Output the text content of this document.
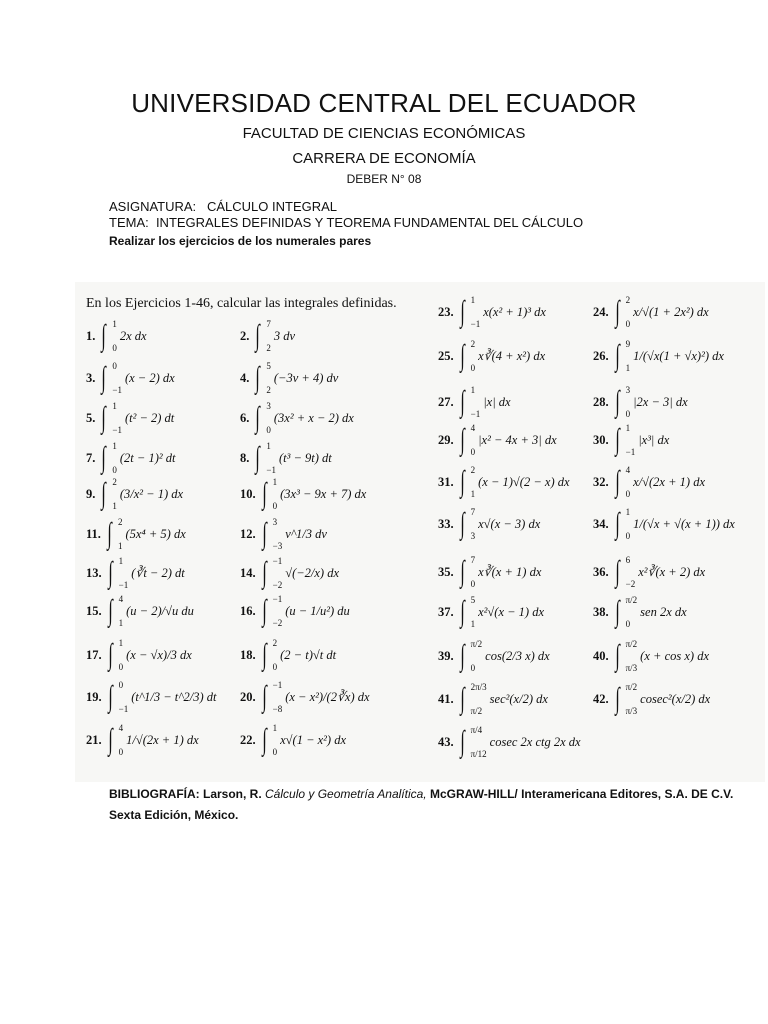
UNIVERSIDAD CENTRAL DEL ECUADOR
FACULTAD DE CIENCIAS ECONÓMICAS
CARRERA DE ECONOMÍA
DEBER N° 08
ASIGNATURA:   CÁLCULO INTEGRAL
TEMA:  INTEGRALES DEFINIDAS Y TEOREMA FUNDAMENTAL DEL CÁLCULO
Realizar los ejercicios de los numerales pares
En los Ejercicios 1-46, calcular las integrales definidas.
1. ∫ 1
0
2x dx	2. ∫ 7
2
3 dv
3. ∫ 0
−1
(x − 2) dx	4. ∫ 5
2
(−3v + 4) dv
5. ∫ 1
−1
(t² − 2) dt	6. ∫ 3
0
(3x² + x − 2) dx
7. ∫ 1
0
(2t − 1)² dt	8. ∫ 1
−1
(t³ − 9t) dt
9. ∫ 2
1
(3/x² − 1) dx	10. ∫ 1
0
(3x³ − 9x + 7) dx
11. ∫ 2
1
(5x⁴ + 5) dx	12. ∫ 3
−3
v^1/3 dv
13. ∫ 1
−1
(∛t − 2) dt	14. ∫ −1
−2
√(−2/x) dx
15. ∫ 4
1
(u − 2)/√u du	16. ∫ −1
−2
(u − 1/u²) du
17. ∫ 1
0
(x − √x)/3 dx	18. ∫ 2
0
(2 − t)√t dt
19. ∫ 0
−1
(t^1/3 − t^2/3) dt 20. ∫ −1
−8
(x − x²)/(2∛x) dx
21. ∫ 4
0
1/√(2x + 1) dx	22. ∫ 1
0
x√(1 − x²) dx
23. ∫ 1
−1
x(x² + 1)³ dx	24. ∫ 2
0
x/√(1 + 2x²) dx
25. ∫ 2
0
x∛(4 + x²) dx	26. ∫ 9
1
1/(√x(1 + √x)²) dx
27. ∫ 1
−1
|x| dx	28. ∫ 3
0
|2x − 3| dx
29. ∫ 4
0
|x² − 4x + 3| dx	30. ∫ 1
−1
|x³| dx
31. ∫ 2
1
(x − 1)√(2 − x) dx 32. ∫ 4
0
x/√(2x + 1) dx
33. ∫ 7
3
x√(x − 3) dx	34. ∫ 1
0
1/(√x + √(x + 1)) dx
35. ∫ 7
0
x∛(x + 1) dx	36. ∫ 6
−2
x²∛(x + 2) dx
37. ∫ 5
1
x²√(x − 1) dx	38. ∫ π/2
0
sen 2x dx
39. ∫ π/2
0
cos(2/3 x) dx	40. ∫ π/2
π/3
(x + cos x) dx
41. ∫ 2π/3
π/2
sec²(x/2) dx	42. ∫ π/2
π/3
cosec²(x/2) dx
43. ∫ π/4
π/12
cosec 2x ctg 2x dx
BIBLIOGRAFÍA: Larson, R. Cálculo y Geometría Analítica, McGRAW-HILL/ Interamericana Editores, S.A. DE C.V. Sexta Edición, México.
